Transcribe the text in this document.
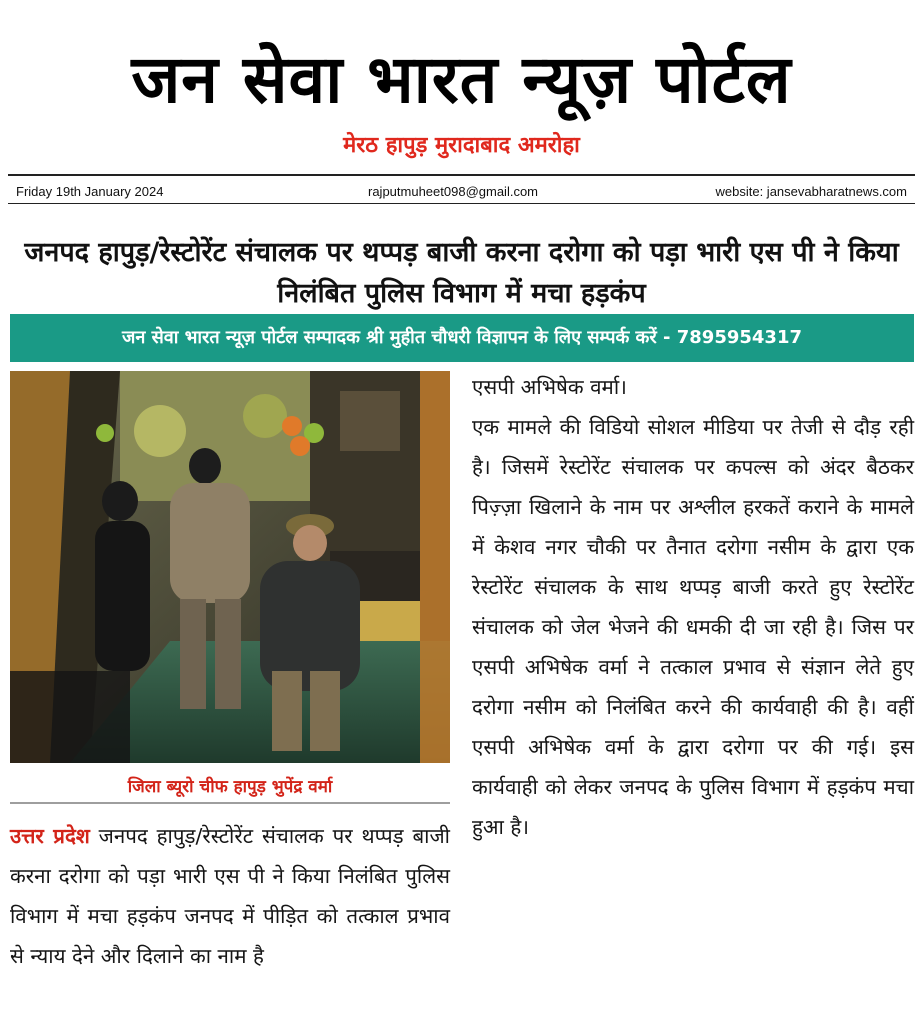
जन सेवा भारत न्यूज़ पोर्टल
मेरठ हापुड़ मुरादाबाद अमरोहा
Friday 19th January 2024	rajputmuheet098@gmail.com	website: jansevabharatnews.com
जनपद हापुड़/रेस्टोरेंट संचालक पर थप्पड़ बाजी करना दरोगा को पड़ा भारी एस पी ने किया निलंबित पुलिस विभाग में मचा हड़कंप
जन सेवा भारत न्यूज़ पोर्टल सम्पादक श्री मुहीत चौधरी विज्ञापन के लिए सम्पर्क करें - 7895954317
जिला ब्यूरो चीफ हापुड़ भुपेंद्र वर्मा
उत्तर प्रदेश जनपद हापुड़/रेस्टोरेंट संचालक पर थप्पड़ बाजी करना दरोगा को पड़ा भारी एस पी ने किया निलंबित पुलिस विभाग में मचा हड़कंप जनपद में पीड़ित को तत्काल प्रभाव से न्याय देने और दिलाने का नाम है
एसपी अभिषेक वर्मा।
एक मामले की विडियो सोशल मीडिया पर तेजी से दौड़ रही है। जिसमें रेस्टोरेंट संचालक पर कपल्स को अंदर बैठकर पिज़्ज़ा खिलाने के नाम पर अश्लील हरकतें कराने के मामले में केशव नगर चौकी पर तैनात दरोगा नसीम के द्वारा एक रेस्टोरेंट संचालक के साथ थप्पड़ बाजी करते हुए रेस्टोरेंट संचालक को जेल भेजने की धमकी दी जा रही है। जिस पर एसपी अभिषेक वर्मा ने तत्काल प्रभाव से संज्ञान लेते हुए दरोगा नसीम को निलंबित करने की कार्यवाही की है। वहीं एसपी अभिषेक वर्मा के द्वारा दरोगा पर की गई। इस कार्यवाही को लेकर जनपद के पुलिस विभाग में हड़कंप मचा हुआ है।
